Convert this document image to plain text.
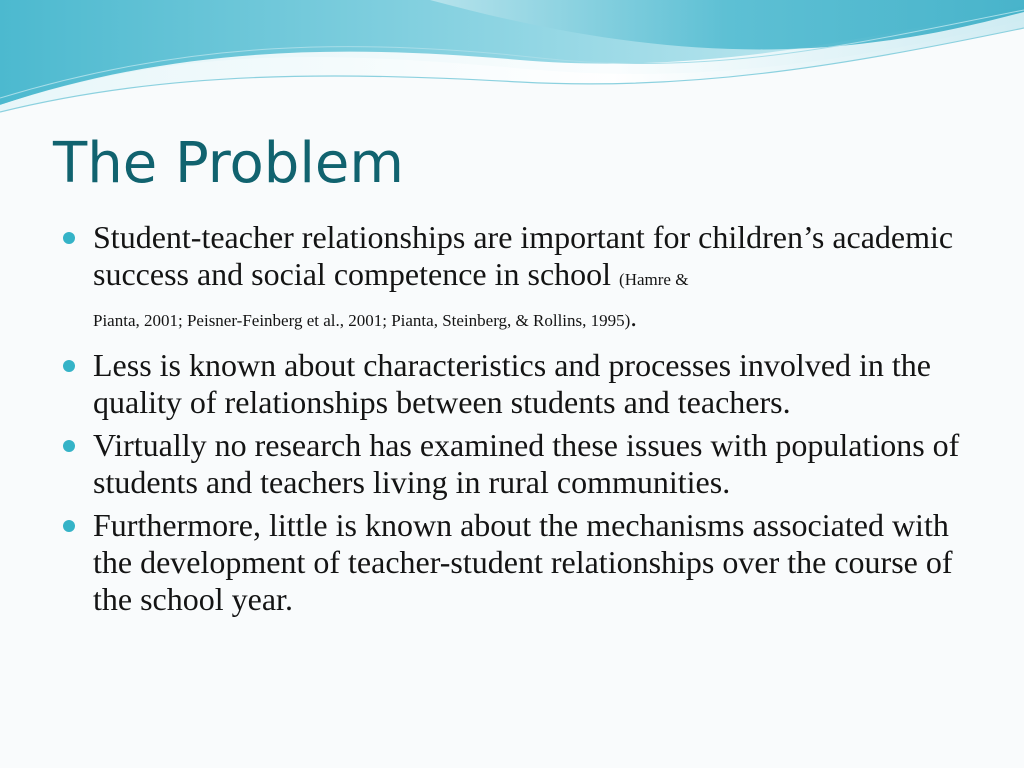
The Problem
Student-teacher relationships are important for children’s academic success and social competence in school (Hamre &
Pianta, 2001; Peisner-Feinberg et al., 2001; Pianta, Steinberg, & Rollins, 1995).
Less is known about characteristics and processes involved in the quality of relationships between students and teachers.
Virtually no research has examined these issues with populations of students and teachers living in rural communities.
Furthermore, little is known about the mechanisms associated with the development of teacher-student relationships over the course of the school year.
